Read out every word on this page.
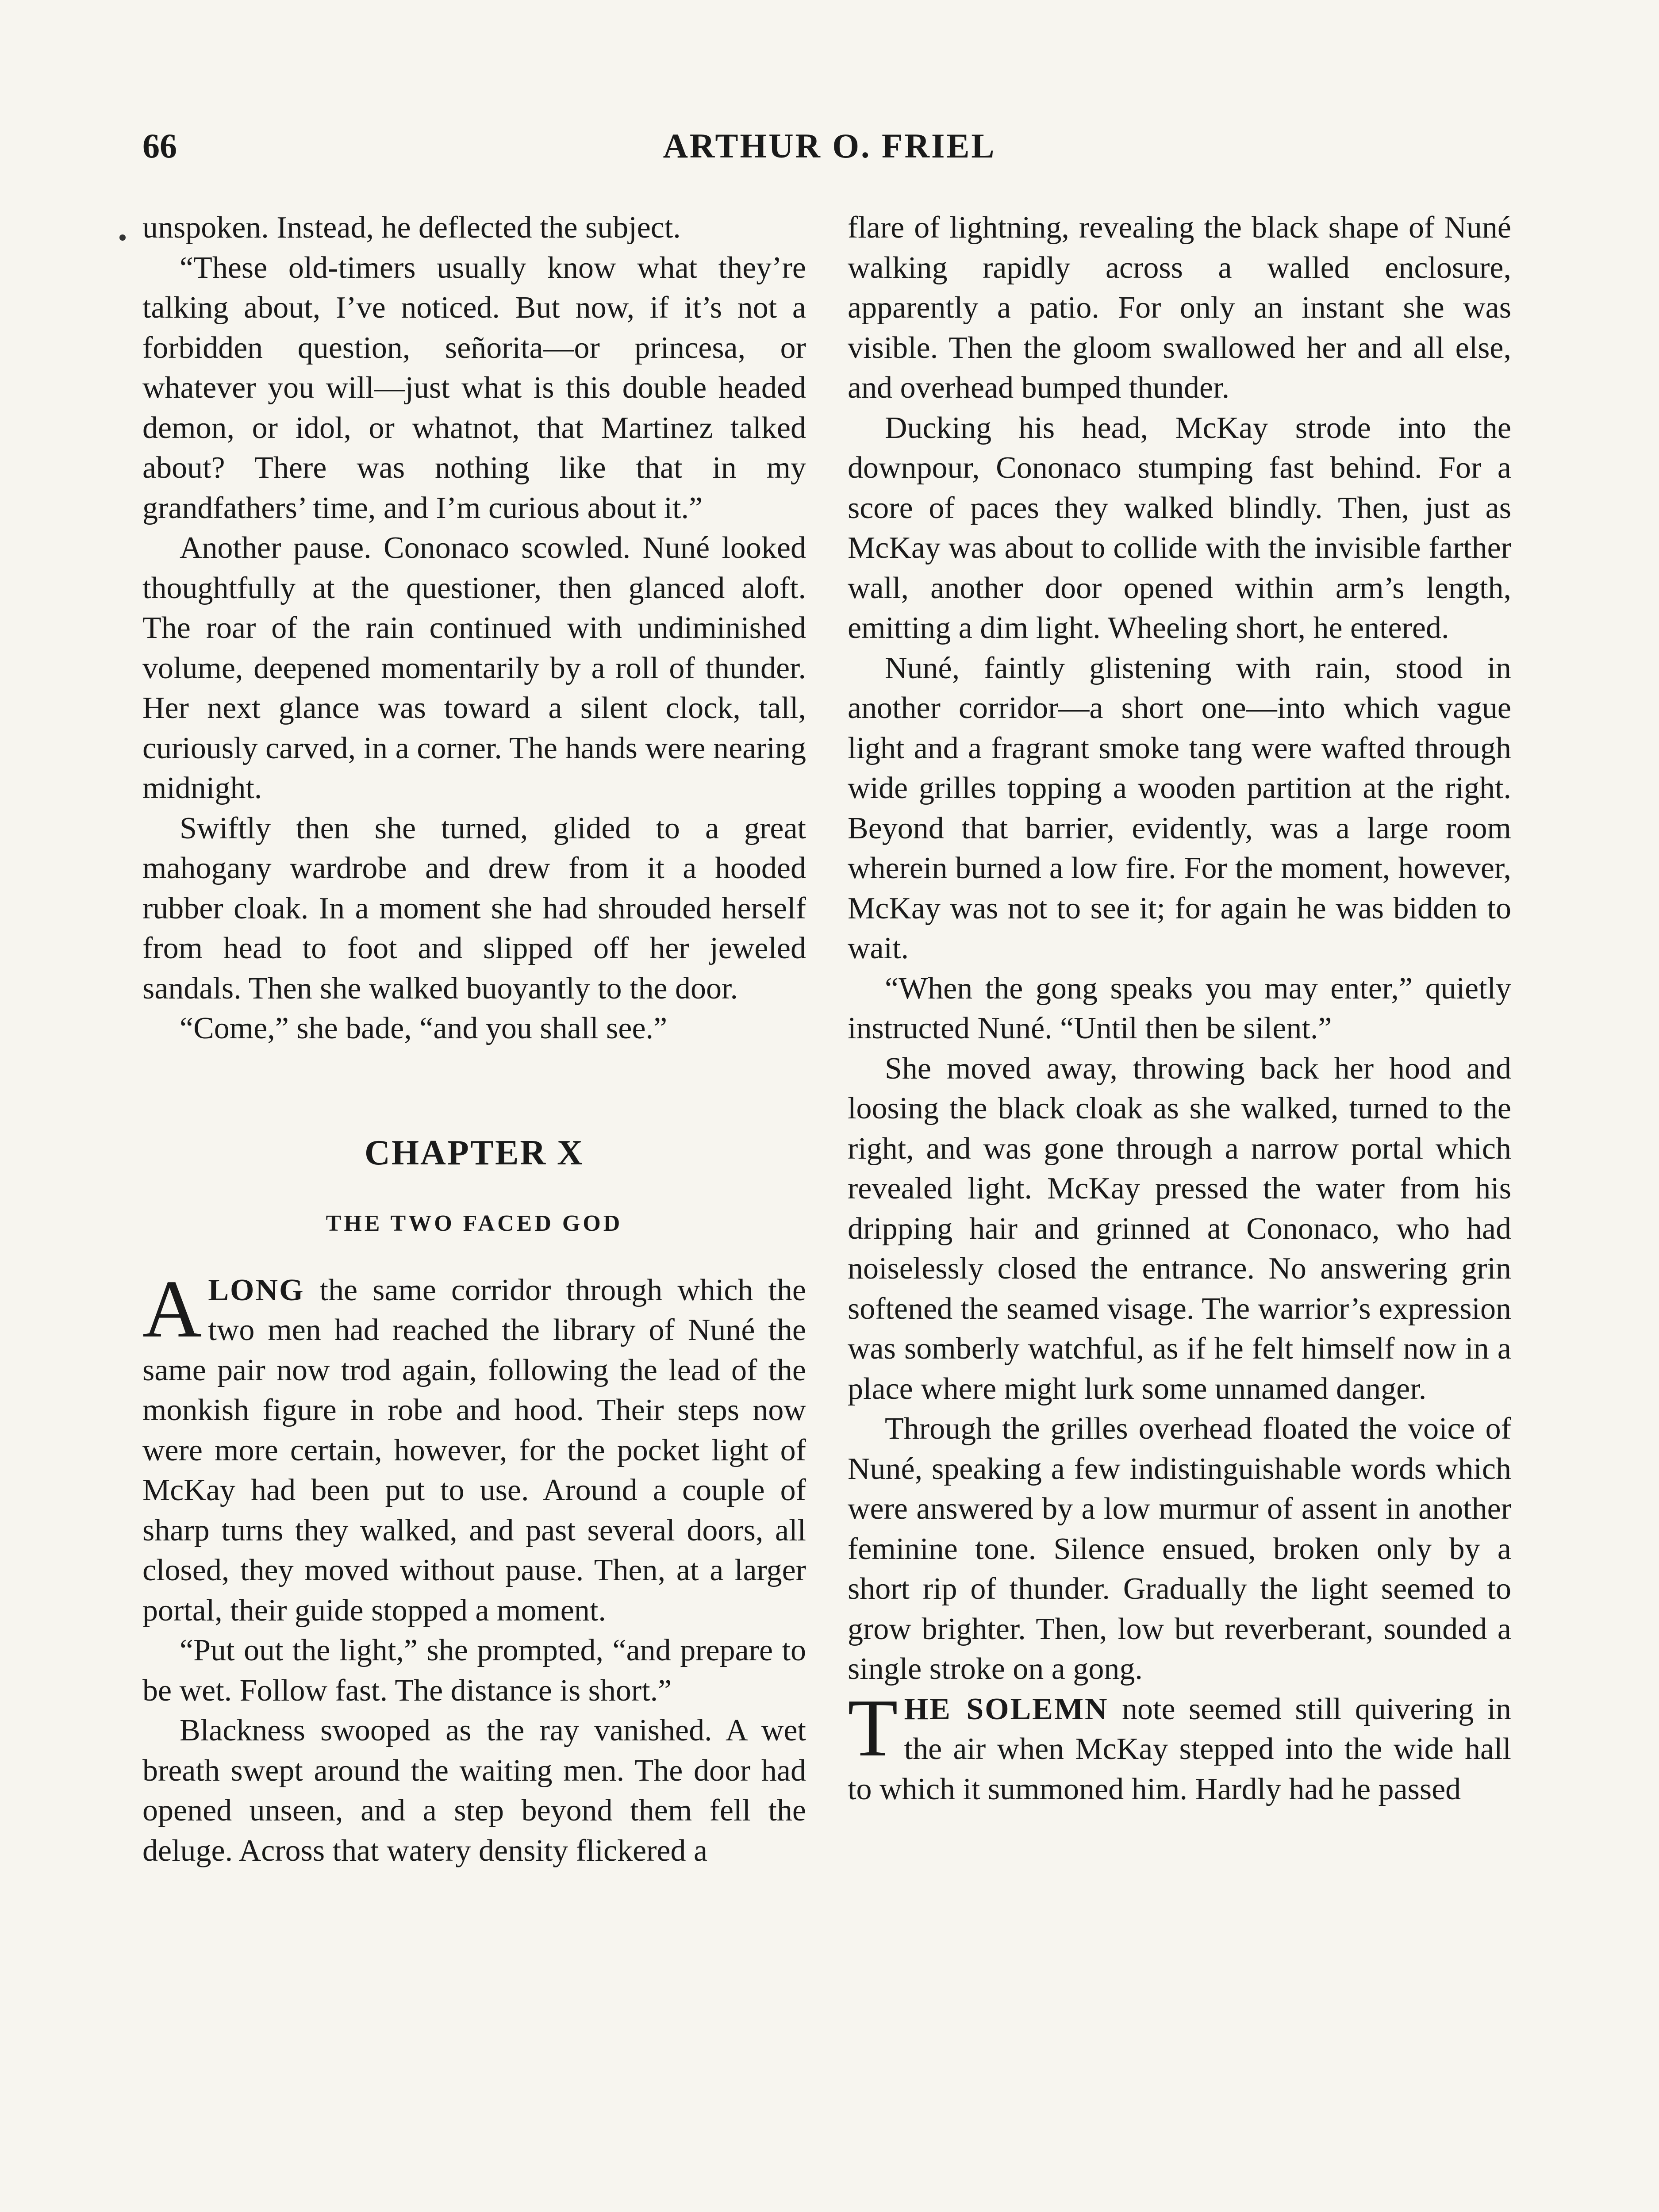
66	ARTHUR O. FRIEL

unspoken. Instead, he deflected the subject.

“These old-timers usually know what they’re talking about, I’ve noticed. But now, if it’s not a forbidden question, señorita—or princesa, or whatever you will—just what is this double headed demon, or idol, or whatnot, that Martinez talked about? There was nothing like that in my grandfathers’ time, and I’m curious about it.”

Another pause. Cononaco scowled. Nuné looked thoughtfully at the questioner, then glanced aloft. The roar of the rain continued with undiminished volume, deepened momentarily by a roll of thunder. Her next glance was toward a silent clock, tall, curiously carved, in a corner. The hands were nearing midnight.

Swiftly then she turned, glided to a great mahogany wardrobe and drew from it a hooded rubber cloak. In a moment she had shrouded herself from head to foot and slipped off her jeweled sandals. Then she walked buoyantly to the door.

“Come,” she bade, “and you shall see.”

CHAPTER X
THE TWO FACED GOD

ALONG the same corridor through which the two men had reached the library of Nuné the same pair now trod again, following the lead of the monkish figure in robe and hood. Their steps now were more certain, however, for the pocket light of McKay had been put to use. Around a couple of sharp turns they walked, and past several doors, all closed, they moved without pause. Then, at a larger portal, their guide stopped a moment.

“Put out the light,” she prompted, “and prepare to be wet. Follow fast. The distance is short.”

Blackness swooped as the ray vanished. A wet breath swept around the waiting men. The door had opened unseen, and a step beyond them fell the deluge. Across that watery density flickered a

flare of lightning, revealing the black shape of Nuné walking rapidly across a walled enclosure, apparently a patio. For only an instant she was visible. Then the gloom swallowed her and all else, and overhead bumped thunder.

Ducking his head, McKay strode into the downpour, Cononaco stumping fast behind. For a score of paces they walked blindly. Then, just as McKay was about to collide with the invisible farther wall, another door opened within arm’s length, emitting a dim light. Wheeling short, he entered.

Nuné, faintly glistening with rain, stood in another corridor—a short one—into which vague light and a fragrant smoke tang were wafted through wide grilles topping a wooden partition at the right. Beyond that barrier, evidently, was a large room wherein burned a low fire. For the moment, however, McKay was not to see it; for again he was bidden to wait.

“When the gong speaks you may enter,” quietly instructed Nuné. “Until then be silent.”

She moved away, throwing back her hood and loosing the black cloak as she walked, turned to the right, and was gone through a narrow portal which revealed light. McKay pressed the water from his dripping hair and grinned at Cononaco, who had noiselessly closed the entrance. No answering grin softened the seamed visage. The warrior’s expression was somberly watchful, as if he felt himself now in a place where might lurk some unnamed danger.

Through the grilles overhead floated the voice of Nuné, speaking a few indistinguishable words which were answered by a low murmur of assent in another feminine tone. Silence ensued, broken only by a short rip of thunder. Gradually the light seemed to grow brighter. Then, low but reverberant, sounded a single stroke on a gong.

THE SOLEMN note seemed still quivering in the air when McKay stepped into the wide hall to which it summoned him. Hardly had he passed
